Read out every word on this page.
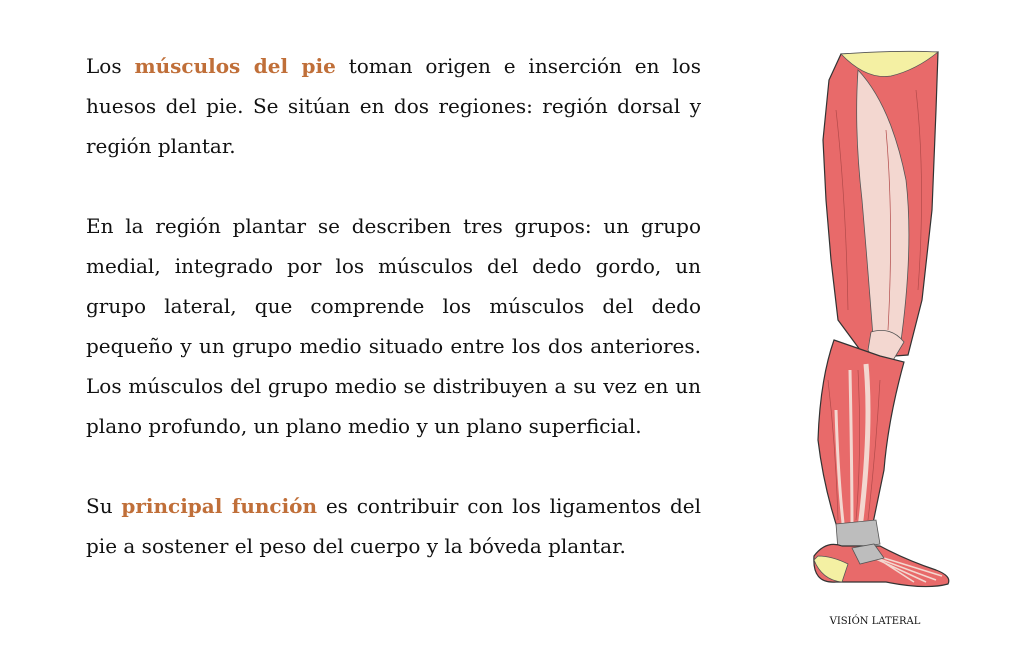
Los músculos del pie toman origen e inserción en los huesos del pie. Se sitúan en dos regiones: región dorsal y región plantar.

En la región plantar se describen tres grupos: un grupo medial, integrado por los músculos del dedo gordo, un grupo lateral, que comprende los músculos del dedo pequeño y un grupo medio situado entre los dos anteriores. Los músculos del grupo medio se distribuyen a su vez en un plano profundo, un plano medio y un plano superficial.

Su principal función es contribuir con los ligamentos del pie a sostener el peso del cuerpo y la bóveda plantar.

VISIÓN LATERAL
